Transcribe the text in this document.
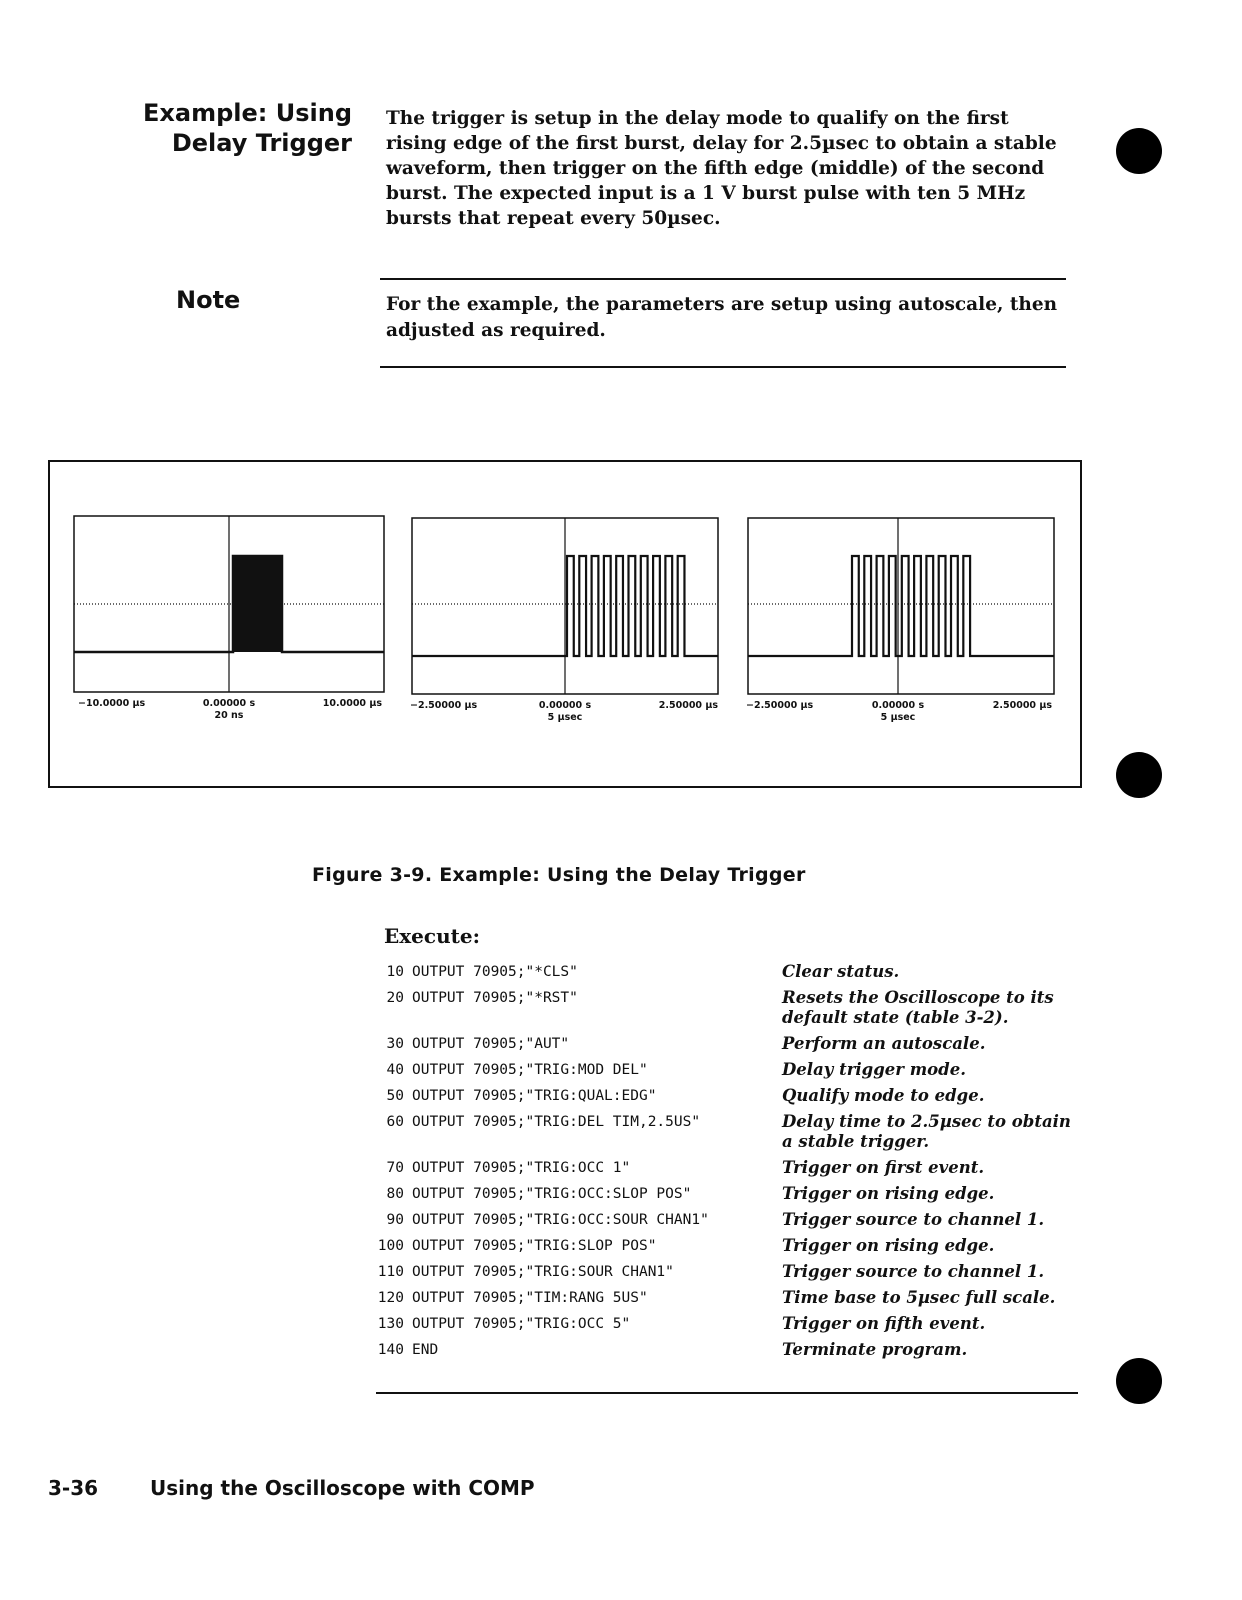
Example: Using
Delay Trigger
The trigger is setup in the delay mode to qualify on the first rising edge of the first burst, delay for 2.5µsec to obtain a stable waveform, then trigger on the fifth edge (middle) of the second burst. The expected input is a 1 V burst pulse with ten 5 MHz bursts that repeat every 50µsec.
Note	For the example, the parameters are setup using autoscale, then adjusted as required.
−10.0000 µs	0.00000 s
20 ns
10.0000 µs	−2.50000 µs	0.00000 s
5 µsec
2.50000 µs	−2.50000 µs	0.00000 s
5 µsec
2.50000 µs
Figure 3-9. Example: Using the Delay Trigger
Execute:
10	OUTPUT 70905;"*CLS"	Clear status.
20	OUTPUT 70905;"*RST"	Resets the Oscilloscope to its default state (table 3-2).
30	OUTPUT 70905;"AUT"	Perform an autoscale.
40	OUTPUT 70905;"TRIG:MOD DEL"	Delay trigger mode.
50	OUTPUT 70905;"TRIG:QUAL:EDG"	Qualify mode to edge.
60	OUTPUT 70905;"TRIG:DEL TIM,2.5US"	Delay time to 2.5µsec to obtain a stable trigger.
70	OUTPUT 70905;"TRIG:OCC 1"	Trigger on first event.
80	OUTPUT 70905;"TRIG:OCC:SLOP POS"	Trigger on rising edge.
90	OUTPUT 70905;"TRIG:OCC:SOUR CHAN1"	Trigger source to channel 1.
100	OUTPUT 70905;"TRIG:SLOP POS"	Trigger on rising edge.
110	OUTPUT 70905;"TRIG:SOUR CHAN1"	Trigger source to channel 1.
120	OUTPUT 70905;"TIM:RANG 5US"	Time base to 5µsec full scale.
130	OUTPUT 70905;"TRIG:OCC 5"	Trigger on fifth event.
140	END	Terminate program.
3-36	Using the Oscilloscope with COMP
